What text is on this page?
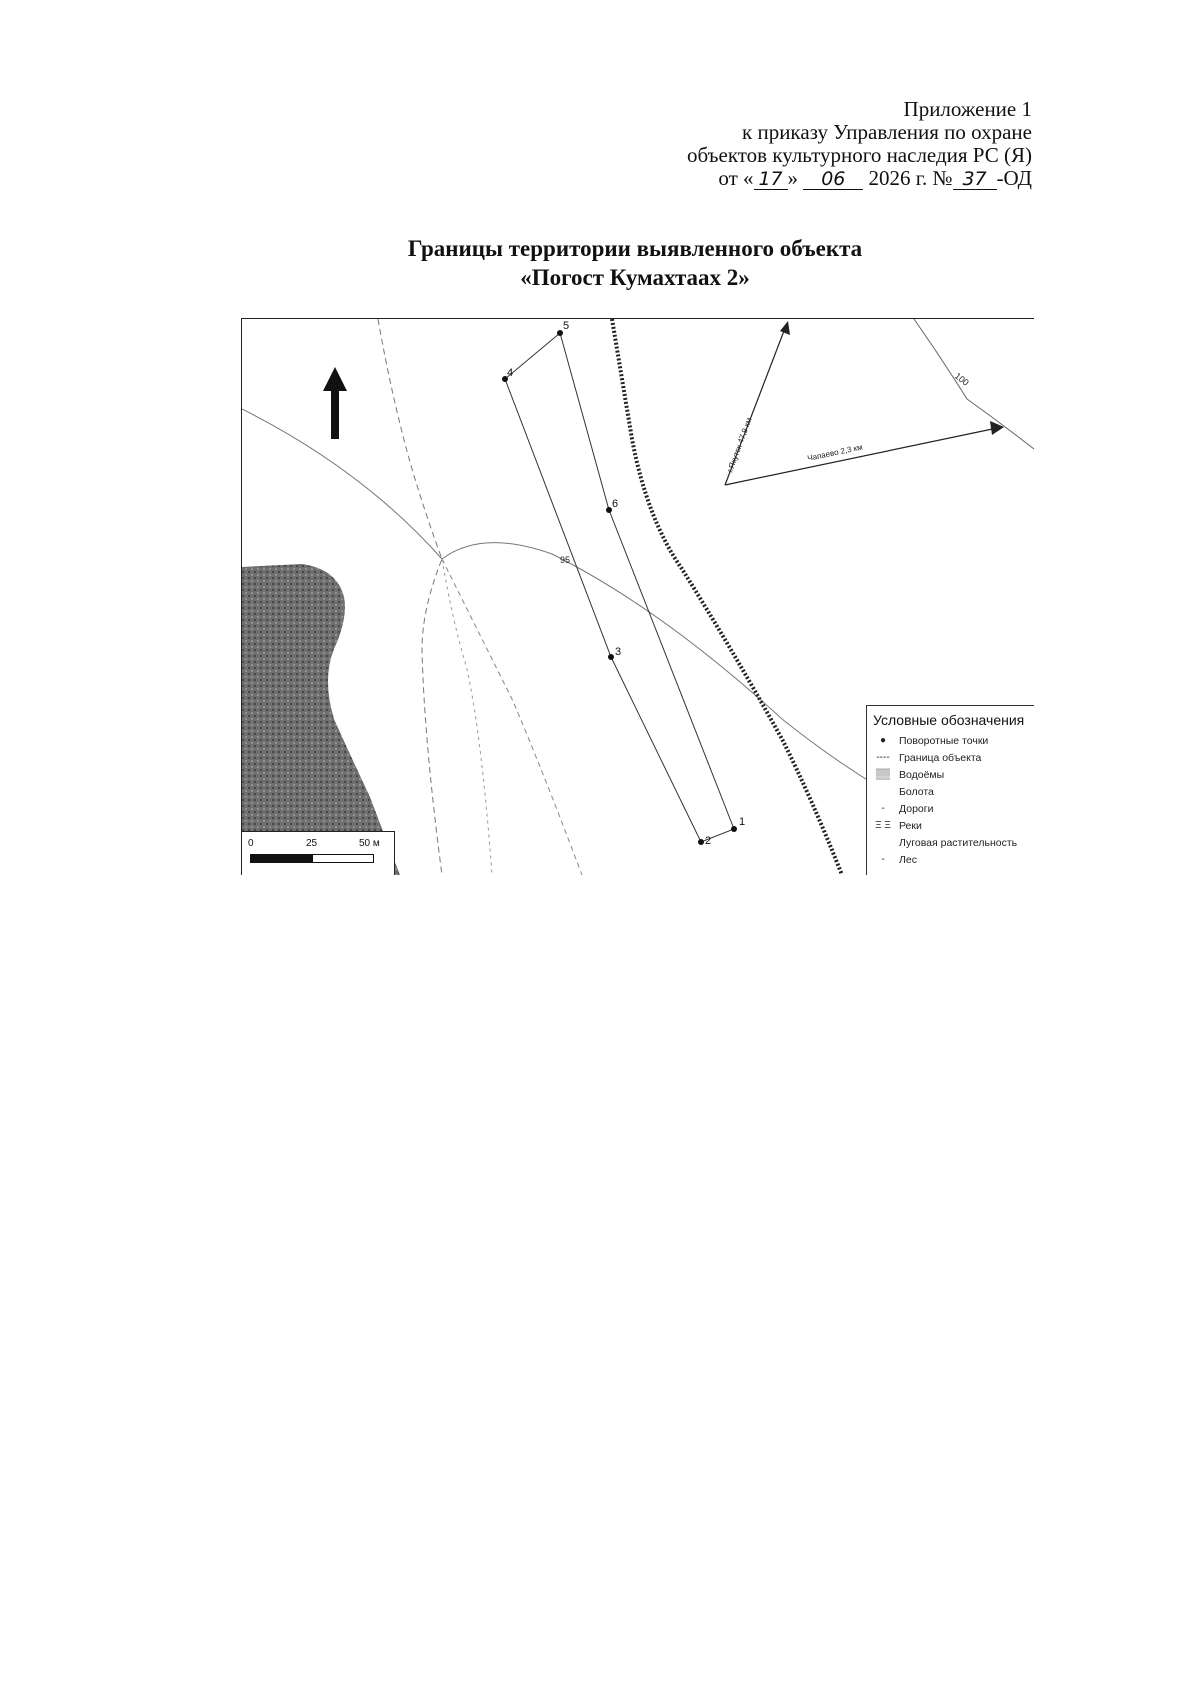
Приложение 1
к приказу Управления по охране
объектов культурного наследия РС (Я)
от « 17 » 06 2026 г. № 37 -ОД
Границы территории выявленного объекта
«Погост Кумахтаах 2»
1
2
3
4
5
6
95
100
г.Якутск 47,9 км	Чапаево 2,3 км
Условные обозначения
●	Поворотные точки
---- Граница объекта
▒▒ Водоёмы
Болота
-	Дороги
Ξ Ξ Реки
Луговая растительность
-	Лес
0	25	50 м
